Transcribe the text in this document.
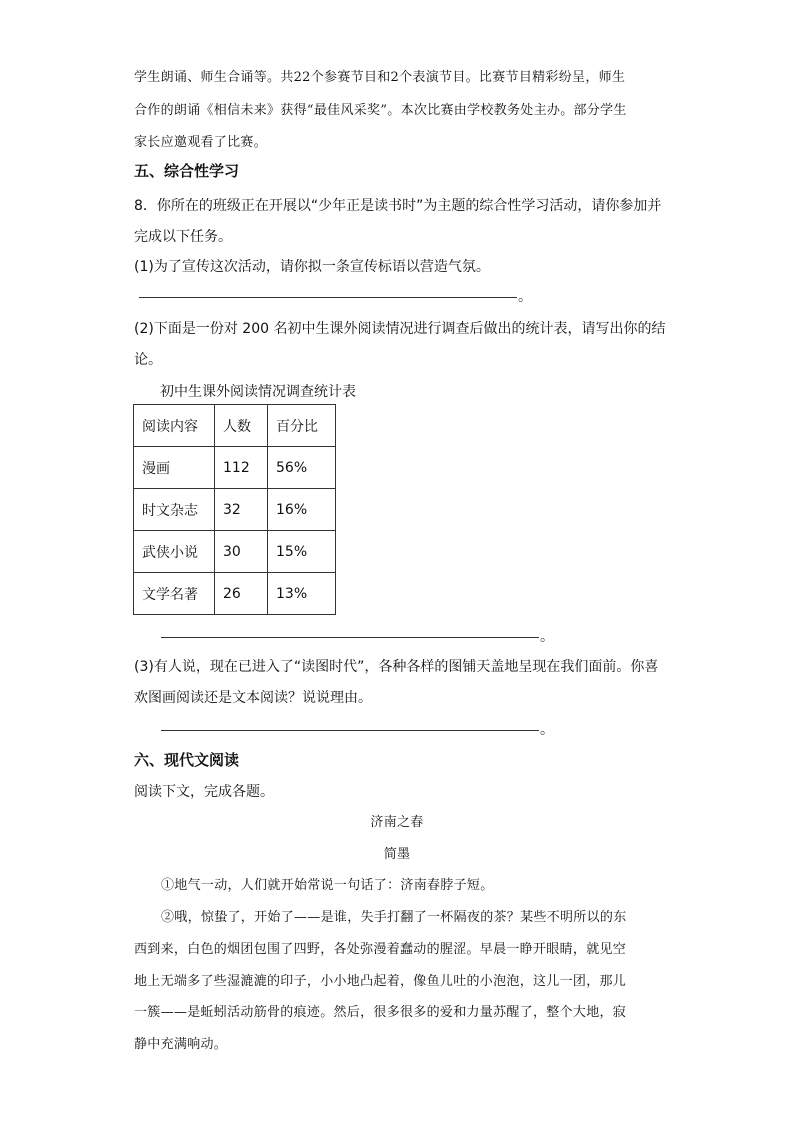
学生朗诵、师生合诵等。共22个参赛节目和2个表演节目。比赛节目精彩纷呈，师生
合作的朗诵《相信未来》获得“最佳风采奖”。本次比赛由学校教务处主办。部分学生
家长应邀观看了比赛。
五、综合性学习
8．你所在的班级正在开展以“少年正是读书时”为主题的综合性学习活动，请你参加并
完成以下任务。
(1)为了宣传这次活动，请你拟一条宣传标语以营造气氛。
。
(2)下面是一份对 200 名初中生课外阅读情况进行调查后做出的统计表，请写出你的结
论。
初中生课外阅读情况调查统计表
阅读内容	人数	百分比
漫画	112	56%
时文杂志	32	16%
武侠小说	30	15%
文学名著	26	13%
。
(3)有人说，现在已进入了“读图时代”，各种各样的图铺天盖地呈现在我们面前。你喜
欢图画阅读还是文本阅读？说说理由。
。
六、现代文阅读
阅读下文，完成各题。
济南之春
简墨
①地气一动，人们就开始常说一句话了：济南春脖子短。
②哦，惊蛰了，开始了——是谁，失手打翻了一杯隔夜的茶？某些不明所以的东
西到来，白色的烟团包围了四野，各处弥漫着蠢动的腥涩。早晨一睁开眼睛，就见空
地上无端多了些湿漉漉的印子，小小地凸起着，像鱼儿吐的小泡泡，这儿一团，那儿
一簇——是蚯蚓活动筋骨的痕迹。然后，很多很多的爱和力量苏醒了，整个大地，寂
静中充满响动。
